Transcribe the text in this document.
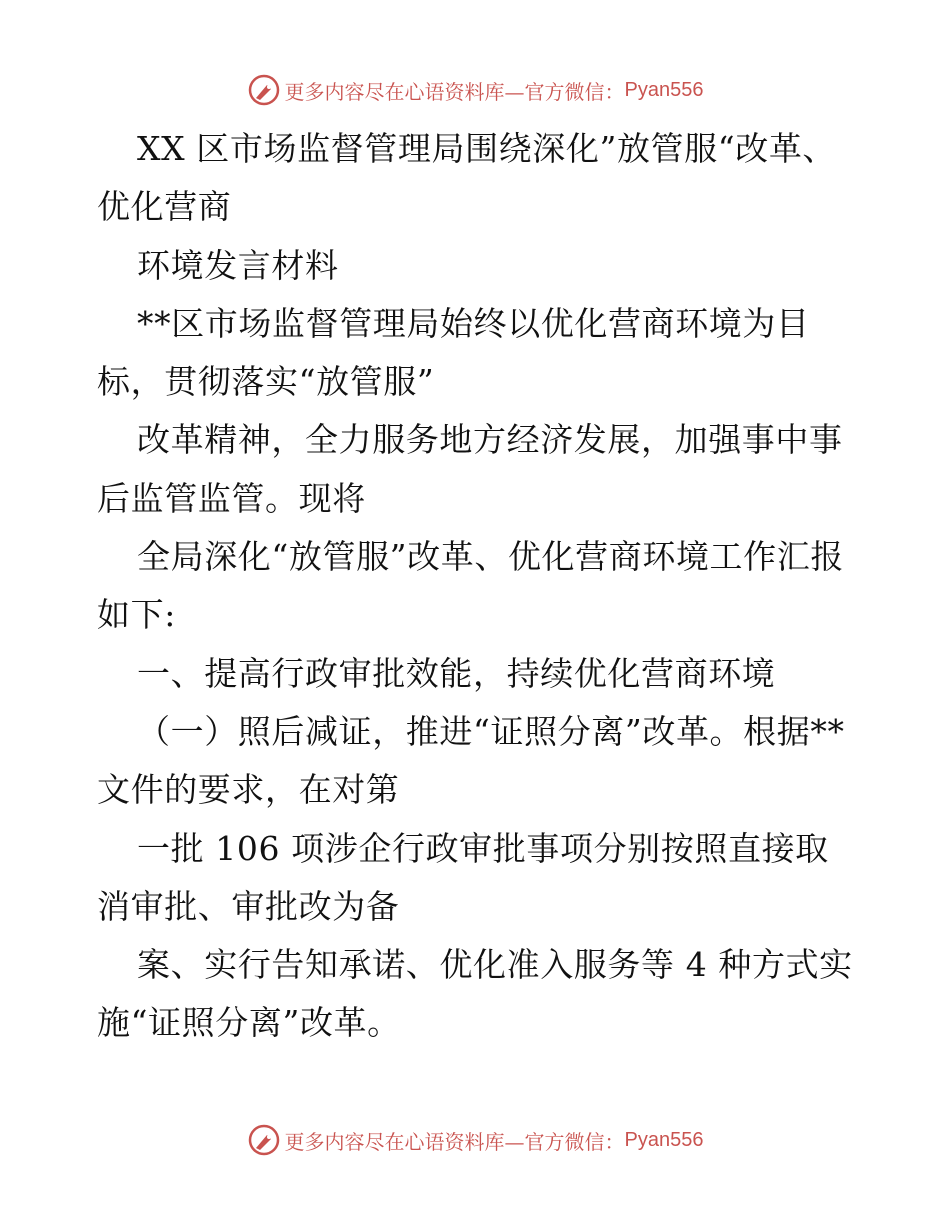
更多内容尽在心语资料库—官方微信： Pyan556

XX 区市场监督管理局围绕深化”放管服“改革、优化营商

环境发言材料

**区市场监督管理局始终以优化营商环境为目标，贯彻落实“放管服”

改革精神，全力服务地方经济发展，加强事中事后监管监管。现将

全局深化“放管服”改革、优化营商环境工作汇报如下:

一、提高行政审批效能，持续优化营商环境

（一）照后减证，推进“证照分离”改革。根据**文件的要求，在对第

一批 106 项涉企行政审批事项分别按照直接取消审批、审批改为备

案、实行告知承诺、优化准入服务等 4 种方式实施“证照分离”改革。

更多内容尽在心语资料库—官方微信： Pyan556
